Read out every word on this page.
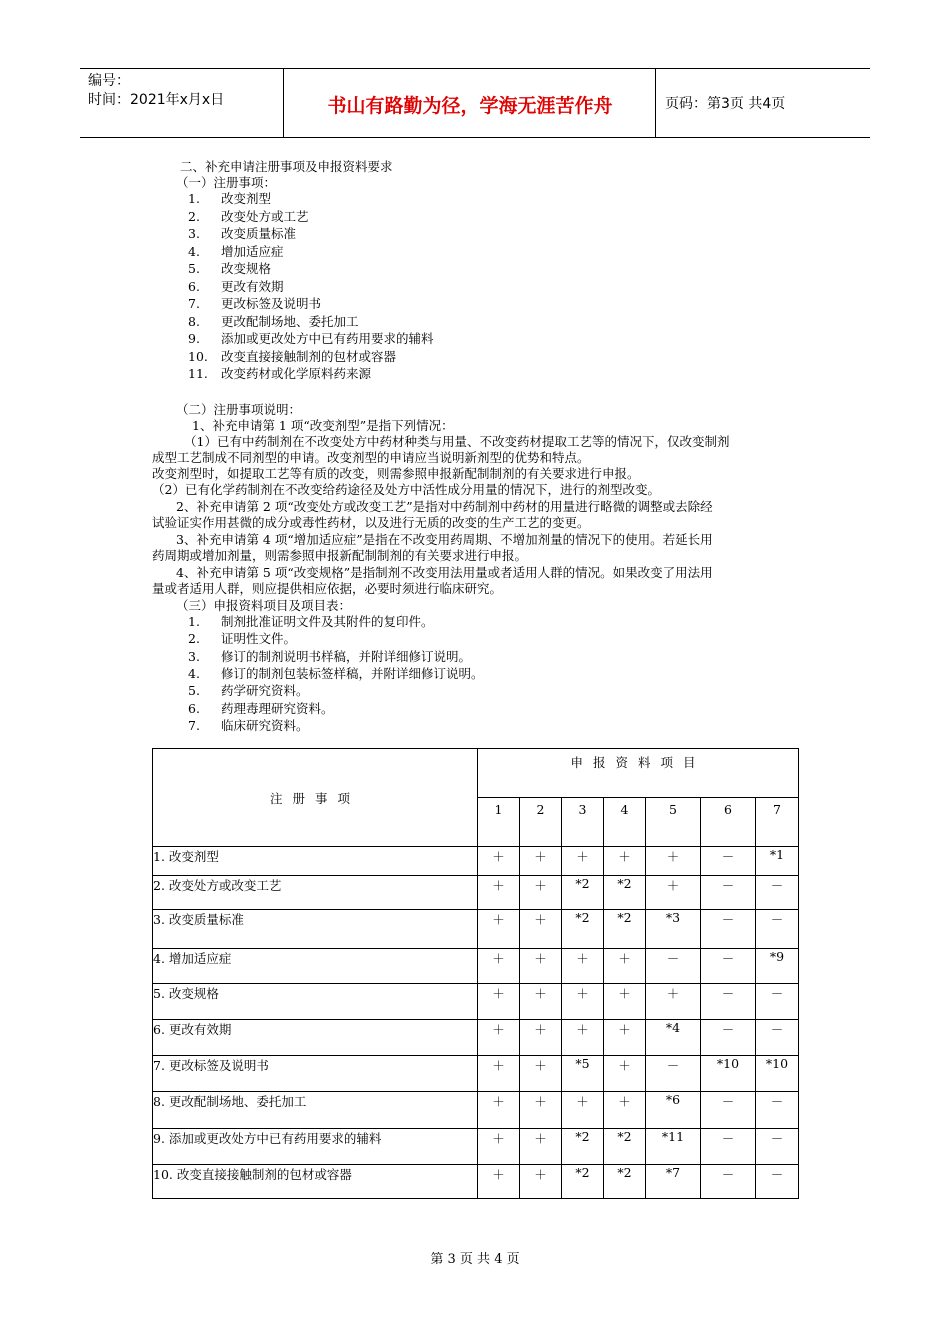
编号：
时间：2021年x月x日	书山有路勤为径，学海无涯苦作舟	页码：第3页 共4页
二、补充申请注册事项及申报资料要求
（一）注册事项：
1.	改变剂型
2.	改变处方或工艺
3.	改变质量标准
4.	增加适应症
5.	改变规格
6.	更改有效期
7.	更改标签及说明书
8.	更改配制场地、委托加工
9.	添加或更改处方中已有药用要求的辅料
10.	改变直接接触制剂的包材或容器
11.	改变药材或化学原料药来源
（二）注册事项说明：
1、补充申请第 1 项“改变剂型”是指下列情况：
（1）已有中药制剂在不改变处方中药材种类与用量、不改变药材提取工艺等的情况下，仅改变制剂
成型工艺制成不同剂型的申请。改变剂型的申请应当说明新剂型的优势和特点。
改变剂型时，如提取工艺等有质的改变，则需参照申报新配制制剂的有关要求进行申报。
（2）已有化学药制剂在不改变给药途径及处方中活性成分用量的情况下，进行的剂型改变。
2、补充申请第 2 项“改变处方或改变工艺”是指对中药制剂中药材的用量进行略微的调整或去除经
试验证实作用甚微的成分或毒性药材，以及进行无质的改变的生产工艺的变更。
3、补充申请第 4 项“增加适应症”是指在不改变用药周期、不增加剂量的情况下的使用。若延长用
药周期或增加剂量，则需参照申报新配制制剂的有关要求进行申报。
4、补充申请第 5 项“改变规格”是指制剂不改变用法用量或者适用人群的情况。如果改变了用法用
量或者适用人群，则应提供相应依据，必要时须进行临床研究。
（三）申报资料项目及项目表：
1.	制剂批准证明文件及其附件的复印件。
2.	证明性文件。
3.	修订的制剂说明书样稿，并附详细修订说明。
4.	修订的制剂包装标签样稿，并附详细修订说明。
5.	药学研究资料。
6.	药理毒理研究资料。
7.	临床研究资料。
注册事项	申报资料项目						
	1	2	3	4	5	6	7
1. 改变剂型	＋	＋	＋	＋	＋	－	*1
2. 改变处方或改变工艺	＋	＋	*2	*2	＋	－	－
3. 改变质量标准	＋	＋	*2	*2	*3	－	－
4. 增加适应症	＋	＋	＋	＋	－	－	*9
5. 改变规格	＋	＋	＋	＋	＋	－	－
6. 更改有效期	＋	＋	＋	＋	*4	－	－
7. 更改标签及说明书	＋	＋	*5	＋	－	*10	*10
8. 更改配制场地、委托加工	＋	＋	＋	＋	*6	－	－
9. 添加或更改处方中已有药用要求的辅料	＋	＋	*2	*2	*11	－	－
10. 改变直接接触制剂的包材或容器	＋	＋	*2	*2	*7	－	－
第 3 页 共 4 页
